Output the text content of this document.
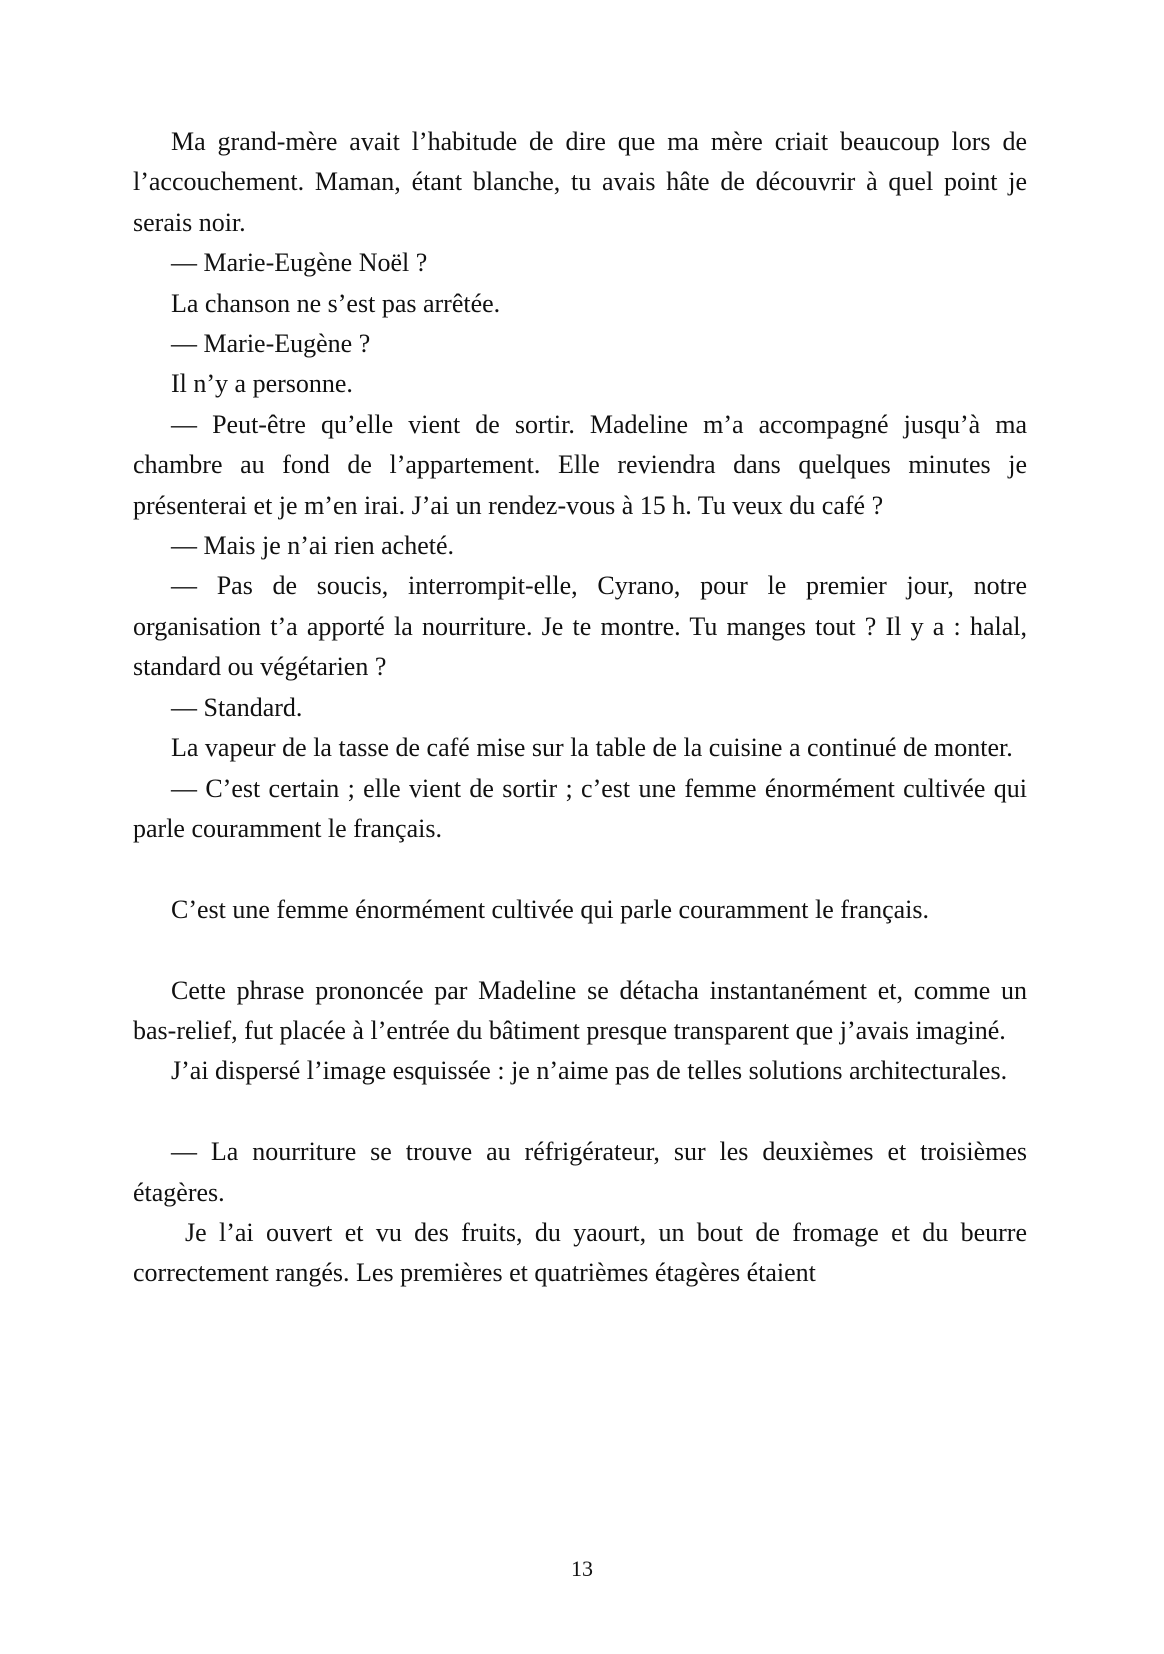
Ma grand-mère avait l’habitude de dire que ma mère criait beaucoup lors de l’accouchement. Maman, étant blanche, tu avais hâte de découvrir à quel point je serais noir.

— Marie-Eugène Noël ?

La chanson ne s’est pas arrêtée.

— Marie-Eugène ?

Il n’y a personne.

— Peut-être qu’elle vient de sortir. Madeline m’a accompagné jusqu’à ma chambre au fond de l’appartement. Elle reviendra dans quelques minutes je présenterai et je m’en irai. J’ai un rendez-vous à 15 h. Tu veux du café ?

— Mais je n’ai rien acheté.

— Pas de soucis, interrompit-elle, Cyrano, pour le premier jour, notre organisation t’a apporté la nourriture. Je te montre. Tu manges tout ? Il y a : halal, standard ou végétarien ?

— Standard.

La vapeur de la tasse de café mise sur la table de la cuisine a continué de monter.

— C’est certain ; elle vient de sortir ; c’est une femme énormément cultivée qui parle couramment le français.

C’est une femme énormément cultivée qui parle couramment le français.

Cette phrase prononcée par Madeline se détacha instantanément et, comme un bas-relief, fut placée à l’entrée du bâtiment presque transparent que j’avais imaginé.

J’ai dispersé l’image esquissée : je n’aime pas de telles solutions architecturales.

— La nourriture se trouve au réfrigérateur, sur les deuxièmes et troisièmes étagères.

Je l’ai ouvert et vu des fruits, du yaourt, un bout de fromage et du beurre correctement rangés. Les premières et quatrièmes étagères étaient

13
